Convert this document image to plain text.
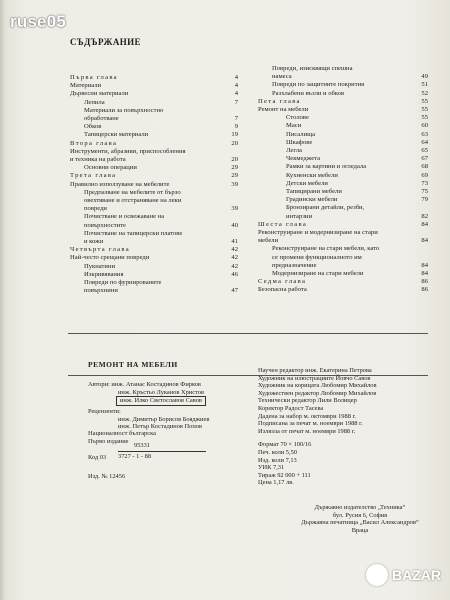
ruse05
СЪДЪРЖАНИЕ
Първа глава	4
Материали	4
Дървесни материали	4
Лепила	7
Материали за повърхностно
обработване	7
Обков	9
Тапицерски материали	19
Втора глава	20
Инструменти, абразиви, приспособления
и техника на работа	20
Основни операции	29
Трета глава	29
Правилно използуване на мебелите	39
Предпазване на мебелите от бързо
овехтяване и отстраняване на леки
повреди	39
Почистване и освежаване на
повърхностите	40
Почистване на тапицерски платове
и кожи	41
Четвърта глава	42
Най-често срещани повреди	42
Пукнатини	42
Изкривявания	46
Повреди по фурнированите
повърхнини	47
Повреди, изисквящи спешна
намеса	49
Повреди по защитните покрития	51
Разхлабени възли и обков	52
Пета глава	55
Ремонт на мебели	55
Столове	55
Маси	60
Писалища	63
Шкафове	64
Легла	65
Чекмеджета	67
Рамки за картини и огледала	68
Кухненски мебели	69
Детски мебели	73
Тапицирани мебели	75
Градински мебели	79
Бронзирани детайли, резби,
интарзии	82
Шеста глава	84
Реконструиране и модернизиране на стари
мебели	84
Реконструиране на стари мебели, като
се промени функционалното им
предназначение	84
Модернизиране на стари мебели	84
Седма глава	86
Безопасна работа	86
РЕМОНТ НА МЕБЕЛИ
Автори: инж. Атанас Костадинов Фирков
инж. Кръстьо Луканов Христов
инж. Илко Светославов Савов
Рецензенти:
инж. Димитър Борисов Бояджиев
инж. Петър Костадинов Попов
Националност българска
Първо издание
Код 03
95331
3727 - 1 - 88
Изд. № 12456
Научен редактор инж. Екатерина Петрова
Художник на илюстрациите Йовчо Савов
Художник на корицата Любомир Михайлов
Художествен редактор Любомир Михайлов
Технически редактор Лили Волицер
Коректор Радост Тасева
Дадена за набор м. октомври 1988 г.
Подписана за печат м. ноември 1988 г.
Излязла от печат м. ноември 1988 г.
Формат 70 × 100/16
Печ. коли 5,50
Изд. коли 7,13
УИК 7,31
Тираж 92 000 + 111
Цена 1,17 лв.
Държавно издателство „Техника“
бул. Русия 6, София
Държавна печатница „Васил Александров“
Враца
BAZAR
